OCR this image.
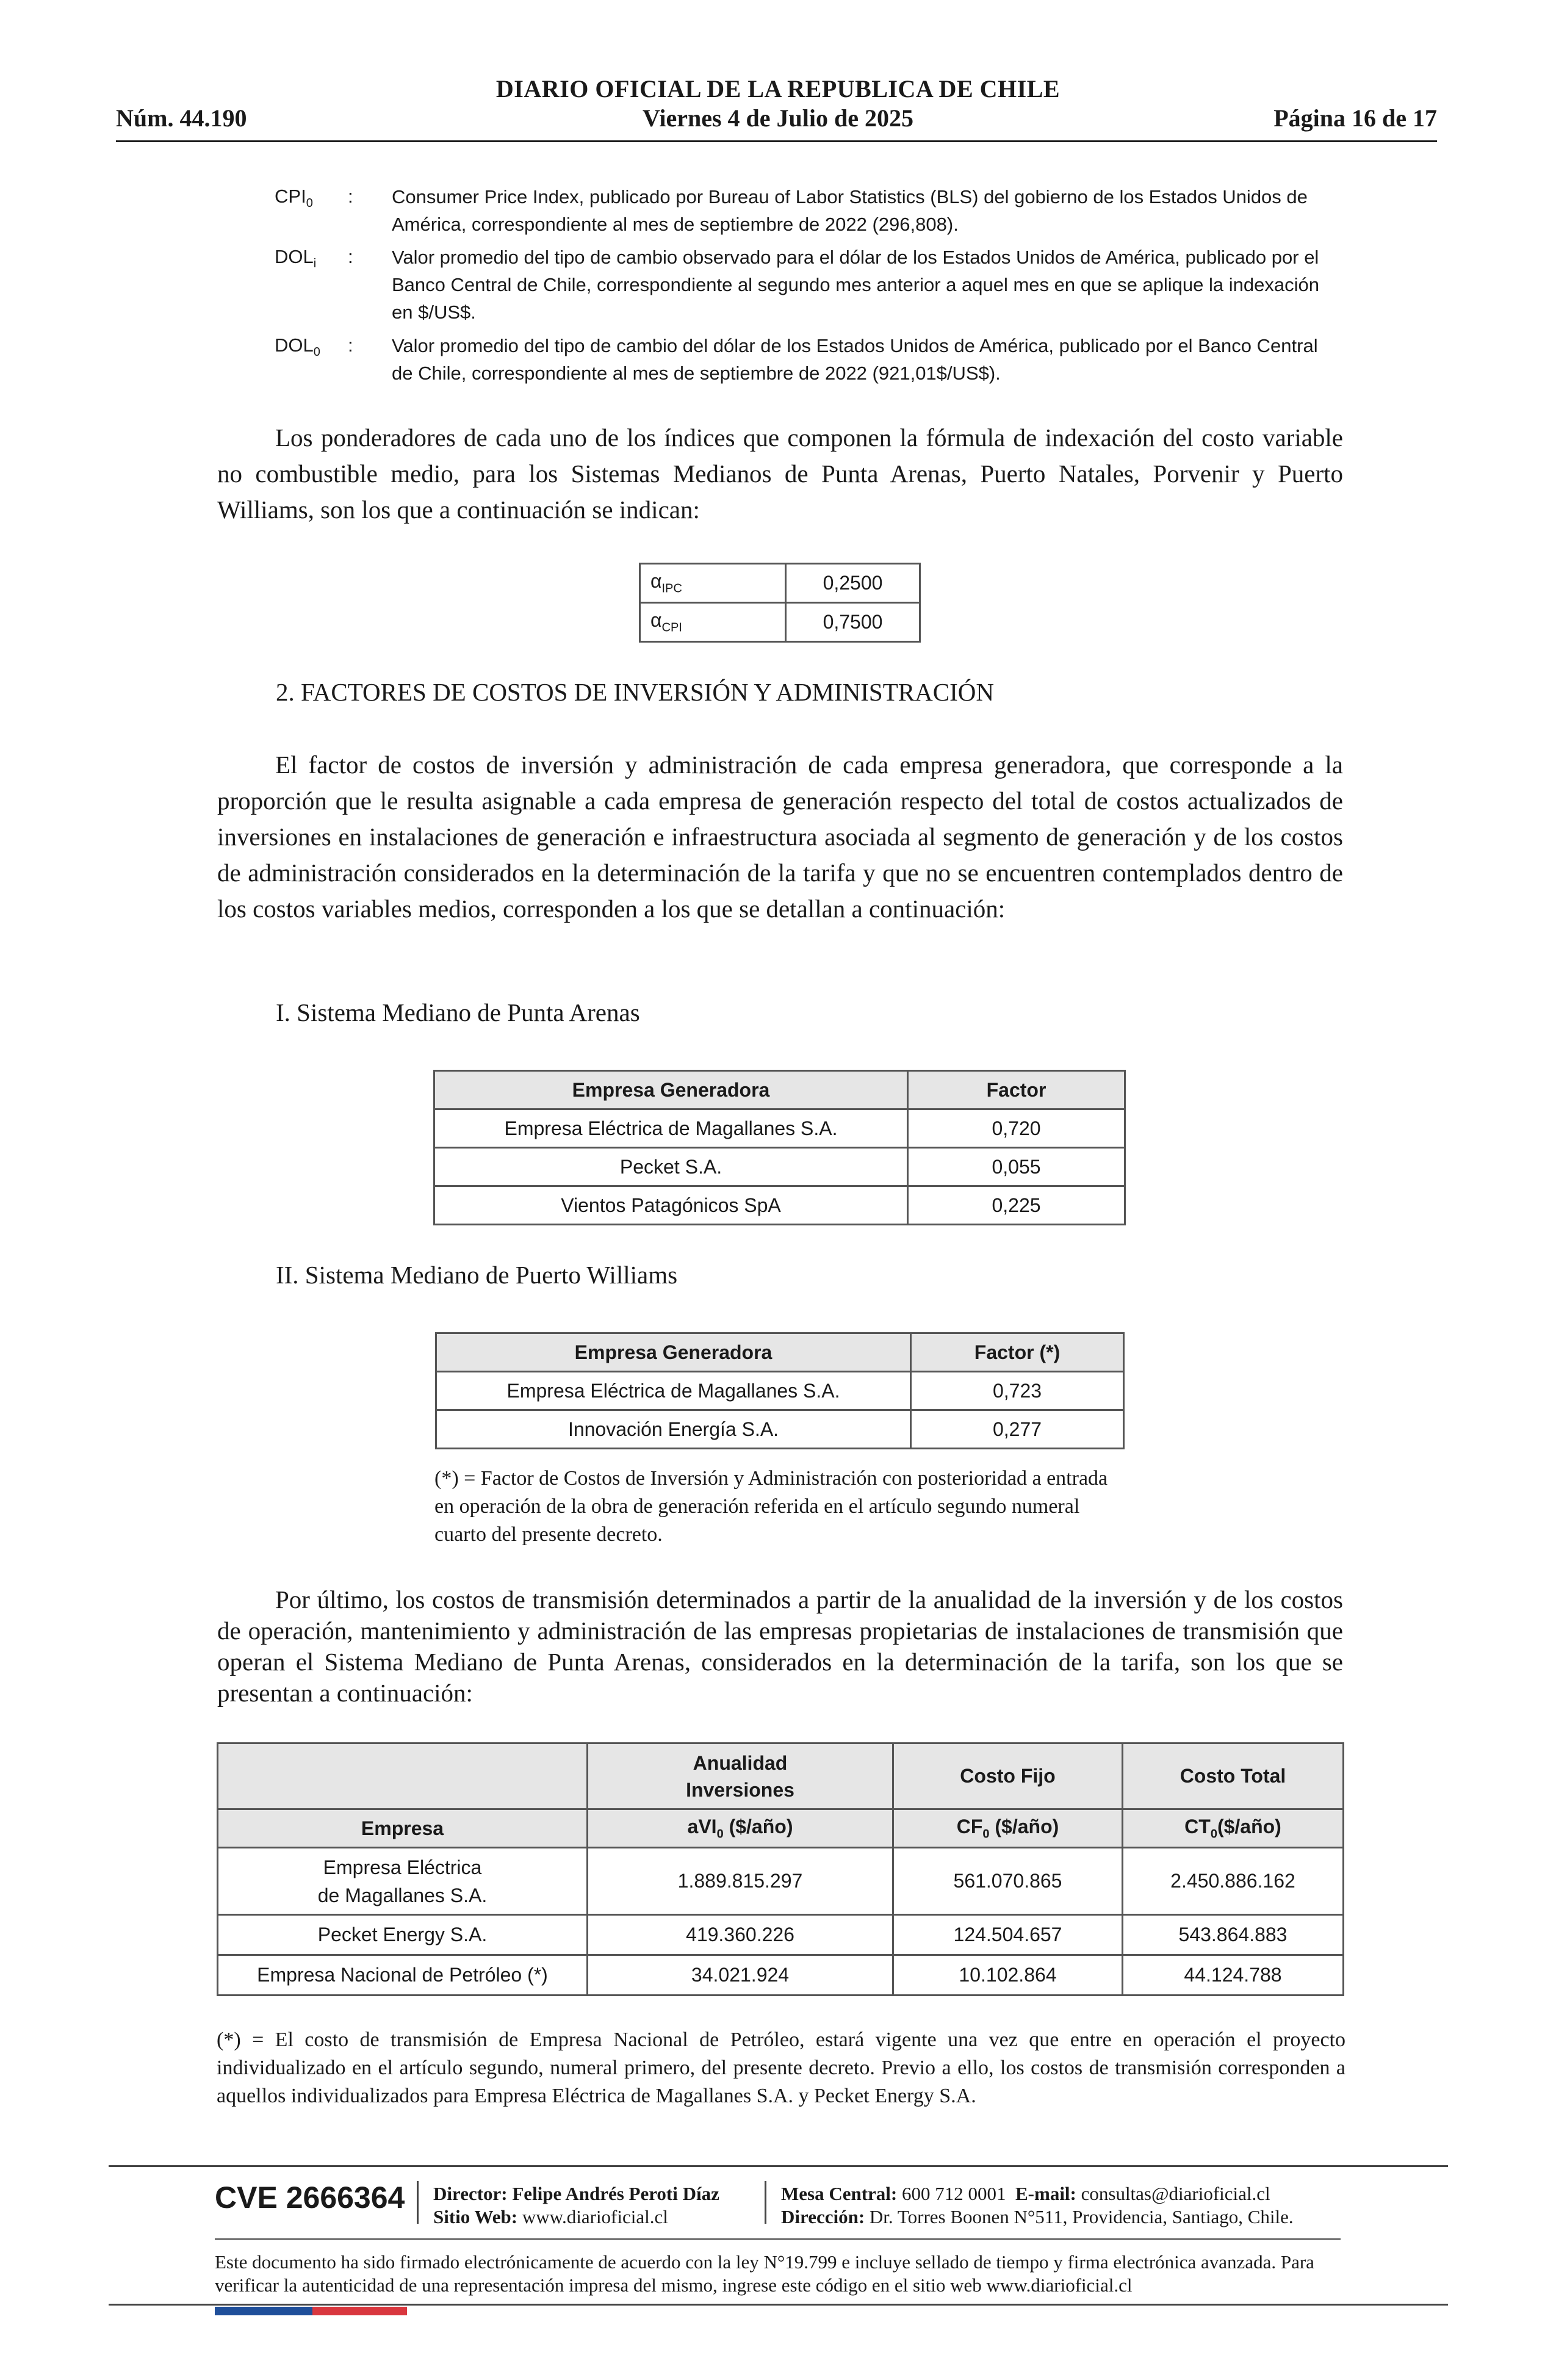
DIARIO OFICIAL DE LA REPUBLICA DE CHILE
Núm. 44.190	Viernes 4 de Julio de 2025	Página 16 de 17
$CPI_0$ : Consumer Price Index, publicado por Bureau of Labor Statistics (BLS) del gobierno de los Estados Unidos de América, correspondiente al mes de septiembre de 2022 (296,808).
$DOL_i$ : Valor promedio del tipo de cambio observado para el dólar de los Estados Unidos de América, publicado por el Banco Central de Chile, correspondiente al segundo mes anterior a aquel mes en que se aplique la indexación en $/US$.
$DOL_0$ : Valor promedio del tipo de cambio del dólar de los Estados Unidos de América, publicado por el Banco Central de Chile, correspondiente al mes de septiembre de 2022 (921,01$/US$).
Los ponderadores de cada uno de los índices que componen la fórmula de indexación del costo variable no combustible medio, para los Sistemas Medianos de Punta Arenas, Puerto Natales, Porvenir y Puerto Williams, son los que a continuación se indican:
$\alpha_{IPC}$	0,2500
$\alpha_{CPI}$	0,7500
2. FACTORES DE COSTOS DE INVERSIÓN Y ADMINISTRACIÓN
El factor de costos de inversión y administración de cada empresa generadora, que corresponde a la proporción que le resulta asignable a cada empresa de generación respecto del total de costos actualizados de inversiones en instalaciones de generación e infraestructura asociada al segmento de generación y de los costos de administración considerados en la determinación de la tarifa y que no se encuentren contemplados dentro de los costos variables medios, corresponden a los que se detallan a continuación:
I. Sistema Mediano de Punta Arenas
Empresa Generadora	Factor
Empresa Eléctrica de Magallanes S.A.	0,720
Pecket S.A.	0,055
Vientos Patagónicos SpA	0,225
II. Sistema Mediano de Puerto Williams
Empresa Generadora	Factor (*)
Empresa Eléctrica de Magallanes S.A.	0,723
Innovación Energía S.A.	0,277
(*) = Factor de Costos de Inversión y Administración con posterioridad a entrada en operación de la obra de generación referida en el artículo segundo numeral cuarto del presente decreto.
Por último, los costos de transmisión determinados a partir de la anualidad de la inversión y de los costos de operación, mantenimiento y administración de las empresas propietarias de instalaciones de transmisión que operan el Sistema Mediano de Punta Arenas, considerados en la determinación de la tarifa, son los que se presentan a continuación:
	Anualidad
Inversiones	Costo Fijo	Costo Total
Empresa	aVI$_0$ ($/año)	$CF_0$ ($/año)	$CT_0(\$/año)$
Empresa Eléctrica
de Magallanes S.A.	1.889.815.297	561.070.865	2.450.886.162
Pecket Energy S.A.	419.360.226	124.504.657	543.864.883
Empresa Nacional de Petróleo (*)	34.021.924	10.102.864	44.124.788
(*) = El costo de transmisión de Empresa Nacional de Petróleo, estará vigente una vez que entre en operación el proyecto individualizado en el artículo segundo, numeral primero, del presente decreto. Previo a ello, los costos de transmisión corresponden a aquellos individualizados para Empresa Eléctrica de Magallanes S.A. y Pecket Energy S.A.
CVE 2666364 Director: Felipe Andrés Peroti Díaz
Sitio Web: www.diarioficial.cl
Mesa Central: 600 712 0001 E-mail: consultas@diarioficial.cl
Dirección: Dr. Torres Boonen N°511, Providencia, Santiago, Chile.
Este documento ha sido firmado electrónicamente de acuerdo con la ley N°19.799 e incluye sellado de tiempo y firma electrónica avanzada. Para verificar la autenticidad de una representación impresa del mismo, ingrese este código en el sitio web www.diarioficial.cl
